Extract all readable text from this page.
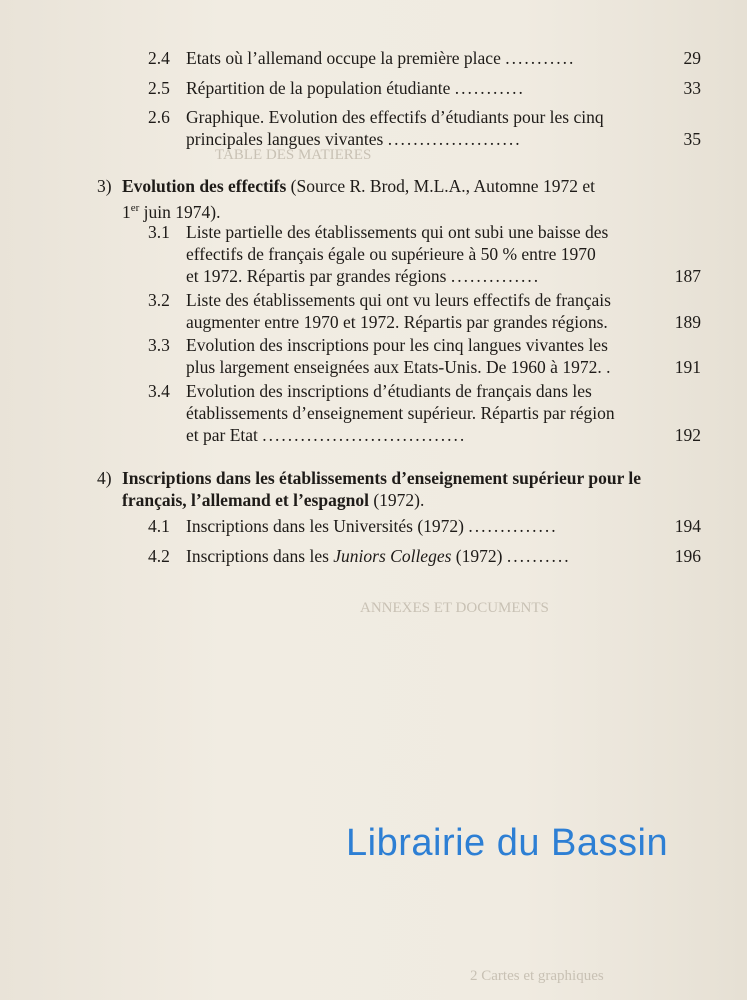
TABLE DES MATIERES
ANNEXES ET DOCUMENTS
2 Cartes et graphiques
2.4 Etats où l’allemand occupe la première place ...........	29
2.5 Répartition de la population étudiante ...........	33
2.6 Graphique. Evolution des effectifs d’étudiants pour les cinq
principales langues vivantes .....................	35
3) Evolution des effectifs (Source R. Brod, M.L.A., Automne 1972 et
1er juin 1974).
3.1 Liste partielle des établissements qui ont subi une baisse des
effectifs de français égale ou supérieure à 50 % entre 1970
et 1972. Répartis par grandes régions ..............	187
3.2 Liste des établissements qui ont vu leurs effectifs de français
augmenter entre 1970 et 1972. Répartis par grandes régions.	189
3.3 Evolution des inscriptions pour les cinq langues vivantes les
plus largement enseignées aux Etats-Unis. De 1960 à 1972. .	191
3.4 Evolution des inscriptions d’étudiants de français dans les
établissements d’enseignement supérieur. Répartis par région
et par Etat ................................	192
4) Inscriptions dans les établissements d’enseignement supérieur pour le
français, l’allemand et l’espagnol (1972).
4.1 Inscriptions dans les Universités (1972) ..............	194
4.2 Inscriptions dans les Juniors Colleges (1972) ..........	196
Librairie du Bassin
